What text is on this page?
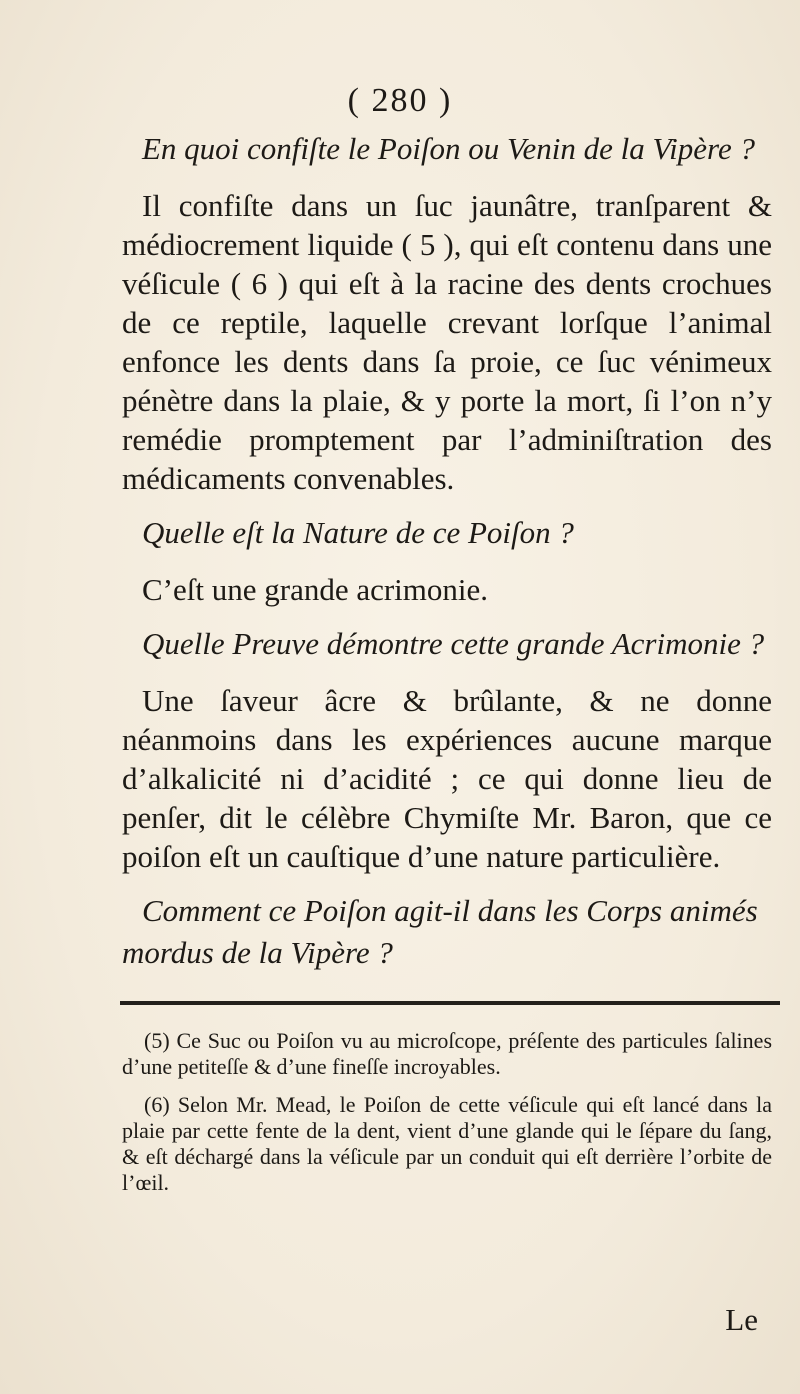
( 280 )
En quoi confiſte le Poiſon ou Venin de la Vipère ?
Il confiſte dans un ſuc jaunâtre, tranſparent & médiocrement liquide ( 5 ), qui eſt contenu dans une véſicule ( 6 ) qui eſt à la racine des dents crochues de ce reptile, laquelle crevant lorſque l’animal enfonce les dents dans ſa proie, ce ſuc vénimeux pénètre dans la plaie, & y porte la mort, ſi l’on n’y remédie promptement par l’adminiſtration des médicaments convenables.
Quelle eſt la Nature de ce Poiſon ?
C’eſt une grande acrimonie.
Quelle Preuve démontre cette grande Acrimonie ?
Une ſaveur âcre & brûlante, & ne donne néanmoins dans les expériences aucune marque d’alkalicité ni d’acidité ; ce qui donne lieu de penſer, dit le célèbre Chymiſte Mr. Baron, que ce poiſon eſt un cauſtique d’une nature particulière.
Comment ce Poiſon agit-il dans les Corps animés mordus de la Vipère ?
(5) Ce Suc ou Poiſon vu au microſcope, préſente des particules ſalines d’une petiteſſe & d’une fineſſe incroyables.
(6) Selon Mr. Mead, le Poiſon de cette véſicule qui eſt lancé dans la plaie par cette fente de la dent, vient d’une glande qui le ſépare du ſang, & eſt déchargé dans la véſicule par un conduit qui eſt derrière l’orbite de l’œil.
Le
